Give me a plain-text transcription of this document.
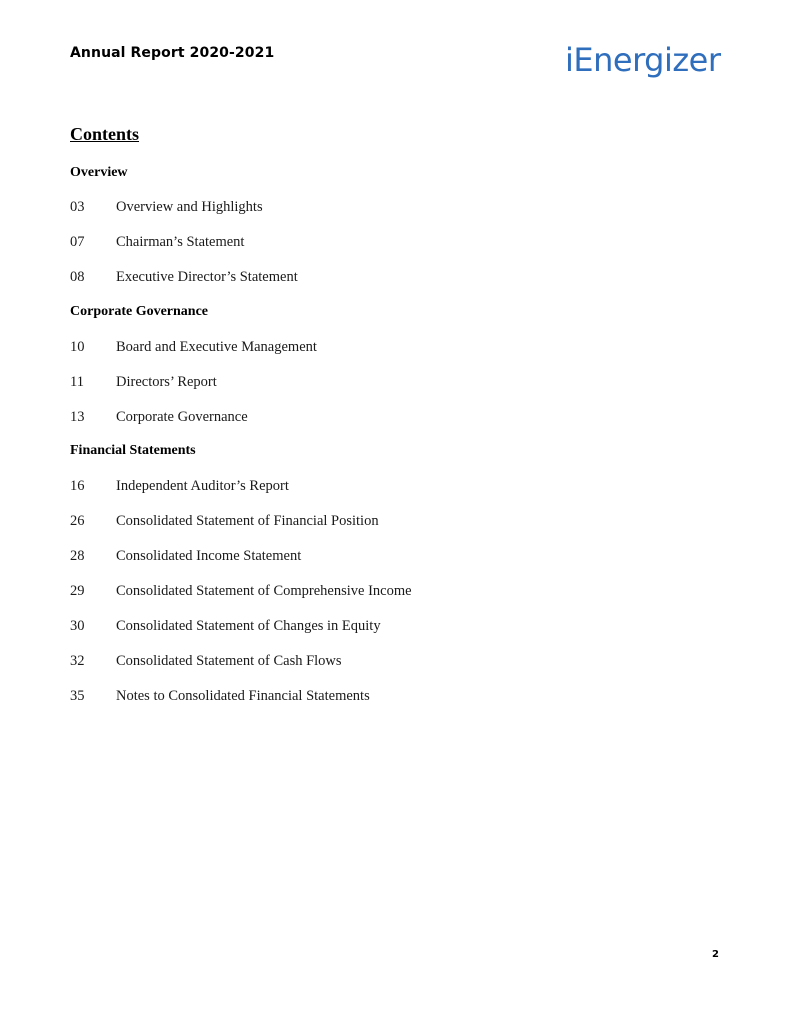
Annual Report 2020-2021	iEnergizer
Contents
Overview
03	Overview and Highlights
07	Chairman’s Statement
08	Executive Director’s Statement
Corporate Governance
10	Board and Executive Management
11	Directors’ Report
13	Corporate Governance
Financial Statements
16	Independent Auditor’s Report
26	Consolidated Statement of Financial Position
28	Consolidated Income Statement
29	Consolidated Statement of Comprehensive Income
30	Consolidated Statement of Changes in Equity
32	Consolidated Statement of Cash Flows
35	Notes to Consolidated Financial Statements
2
